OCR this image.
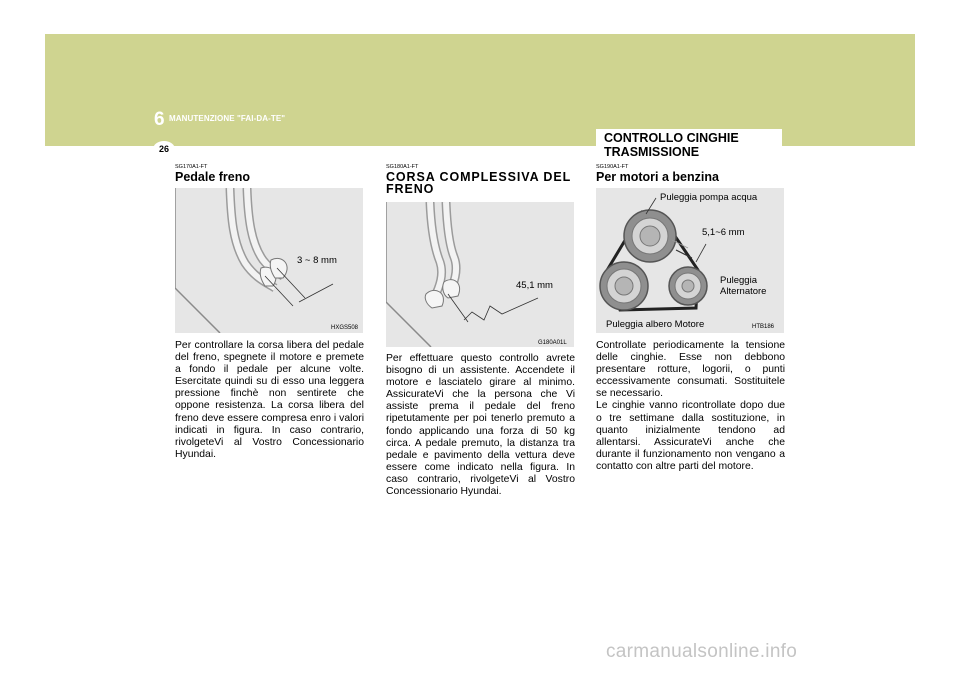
6 MANUTENZIONE "FAI-DA-TE"
26
CONTROLLO CINGHIE TRASMISSIONE
SG170A1-FT
Pedale freno
SG180A1-FT
CORSA COMPLESSIVA DEL FRENO
SG190A1-FT
Per motori a benzina
3 ~ 8 mm
HXGS508
45,1 mm
G180A01L
Puleggia pompa acqua
5,1~6 mm
Puleggia
Alternatore
Puleggia albero Motore	HTB186

Per controllare la corsa libera del pedale del freno, spegnete il motore e premete a fondo il pedale per alcune volte. Esercitate quindi su di esso una leggera pressione finchè non sentirete che oppone resistenza. La corsa libera del freno deve essere compresa enro i valori indicati in figura. In caso contrario, rivolgeteVi al Vostro Concessionario Hyundai.

Per effettuare questo controllo avrete bisogno di un assistente. Accendete il motore e lasciatelo girare al minimo. AssicurateVi che la persona che Vi assiste prema il pedale del freno ripetutamente per poi tenerlo premuto a fondo applicando una forza di 50 kg circa. A pedale premuto, la distanza tra pedale e pavimento della vettura deve essere come indicato nella figura. In caso contrario, rivolgeteVi al Vostro Concessionario Hyundai.

Controllate periodicamente la tensione delle cinghie. Esse non debbono presentare rotture, logorii, o punti eccessivamente consumati. Sostituitele se necessario.

Le cinghie vanno ricontrollate dopo due o tre settimane dalla sostituzione, in quanto inizialmente tendono ad allentarsi. AssicurateVi anche che durante il funzionamento non vengano a contatto con altre parti del motore.

carmanualsonline.info
